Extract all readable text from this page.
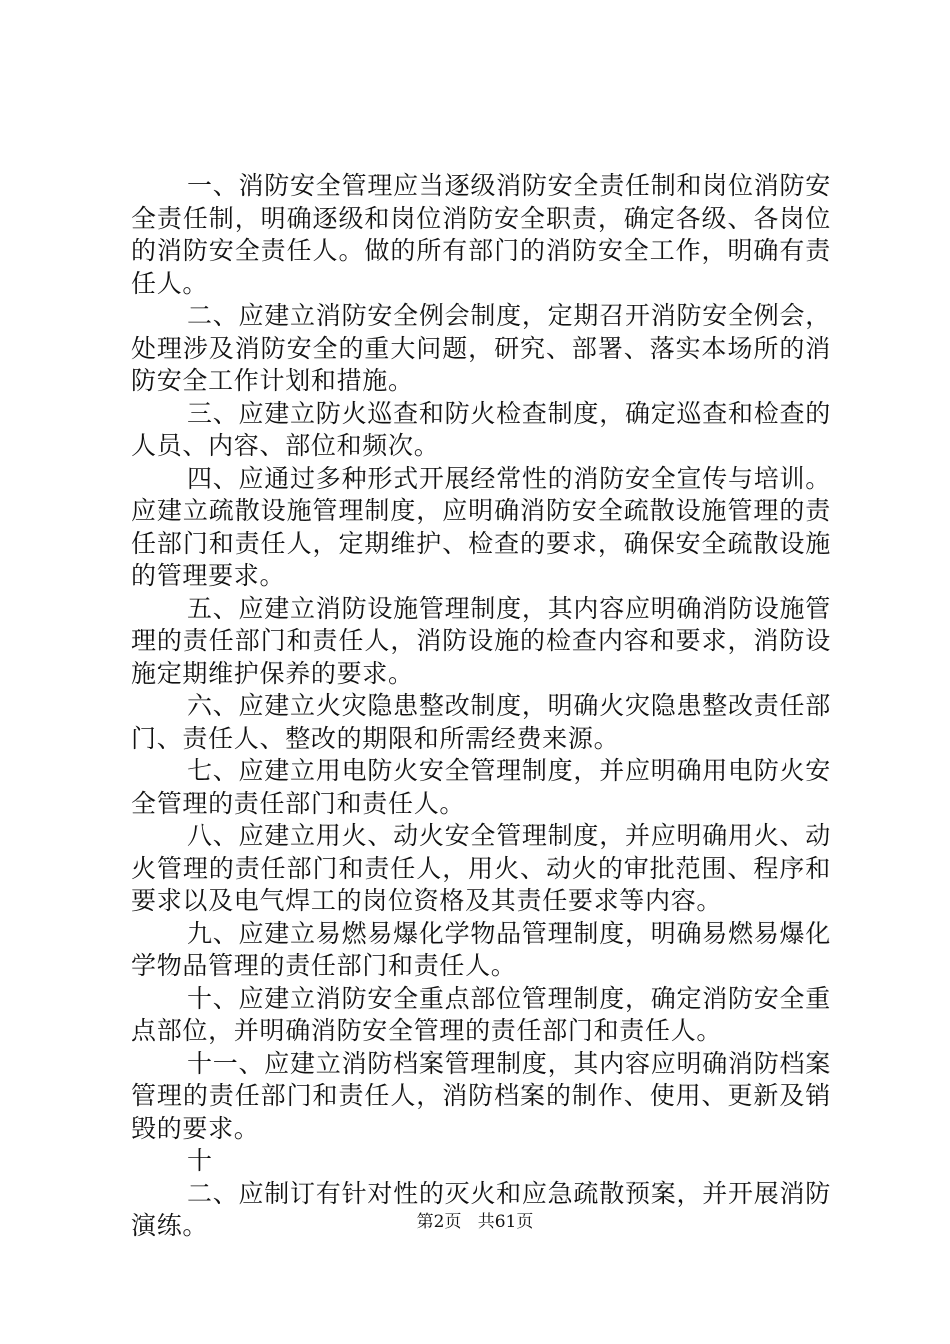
一、消防安全管理应当逐级消防安全责任制和岗位消防安全责任制，明确逐级和岗位消防安全职责，确定各级、各岗位的消防安全责任人。做的所有部门的消防安全工作，明确有责任人。

二、应建立消防安全例会制度，定期召开消防安全例会，处理涉及消防安全的重大问题，研究、部署、落实本场所的消防安全工作计划和措施。

三、应建立防火巡查和防火检查制度，确定巡查和检查的人员、内容、部位和频次。

四、应通过多种形式开展经常性的消防安全宣传与培训。应建立疏散设施管理制度，应明确消防安全疏散设施管理的责任部门和责任人，定期维护、检查的要求，确保安全疏散设施的管理要求。

五、应建立消防设施管理制度，其内容应明确消防设施管理的责任部门和责任人，消防设施的检查内容和要求，消防设施定期维护保养的要求。

六、应建立火灾隐患整改制度，明确火灾隐患整改责任部门、责任人、整改的期限和所需经费来源。

七、应建立用电防火安全管理制度，并应明确用电防火安全管理的责任部门和责任人。

八、应建立用火、动火安全管理制度，并应明确用火、动火管理的责任部门和责任人，用火、动火的审批范围、程序和要求以及电气焊工的岗位资格及其责任要求等内容。

九、应建立易燃易爆化学物品管理制度，明确易燃易爆化学物品管理的责任部门和责任人。

十、应建立消防安全重点部位管理制度，确定消防安全重点部位，并明确消防安全管理的责任部门和责任人。

十一、应建立消防档案管理制度，其内容应明确消防档案管理的责任部门和责任人，消防档案的制作、使用、更新及销毁的要求。

十

二、应制订有针对性的灭火和应急疏散预案，并开展消防演练。	第2页 共61页
